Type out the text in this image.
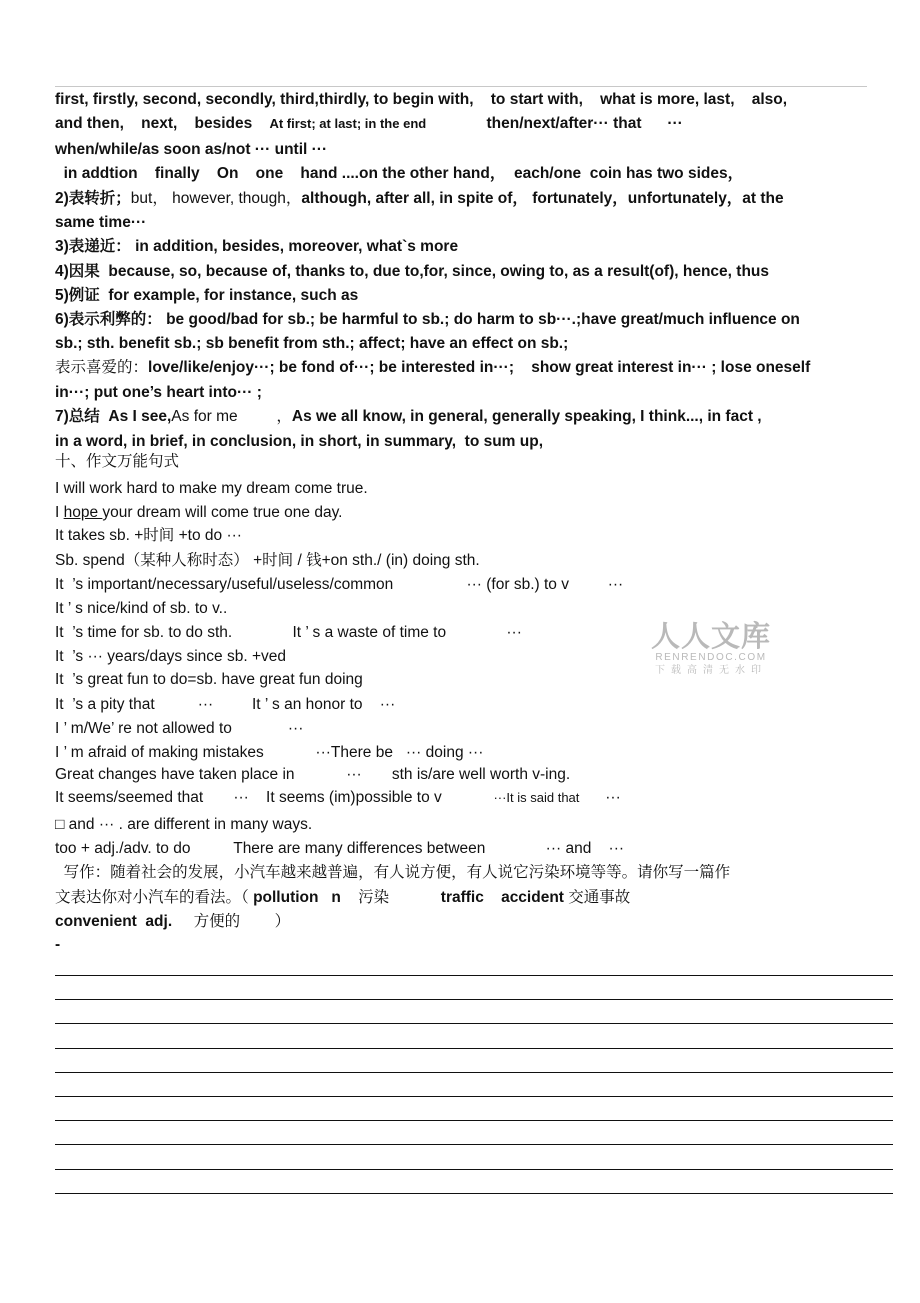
first, firstly, second, secondly, third,thirdly, to begin with,    to start with,    what is more, last,    also,
and then,    next,    besides    At first; at last; in the end              then/next/after··· that      ···
when/while/as soon as/not ··· until ···
in addtion    finally    On    one    hand ....on the other hand，  each/one  coin has two sides，
2)表转折；but， however, though，although, after all, in spite of， fortunately，unfortunately，at the
same time···
3)表递近： in addition, besides, moreover, what`s more
4)因果  because, so, because of, thanks to, due to,for, since, owing to, as a result(of), hence, thus
5)例证  for example, for instance, such as
6)表示利弊的： be good/bad for sb.; be harmful to sb.; do harm to sb···.;have great/much influence on
sb.; sth. benefit sb.; sb benefit from sth.; affect; have an effect on sb.;
表示喜爱的：love/like/enjoy···; be fond of···; be interested in···;    show great interest in··· ; lose oneself
in···; put one’s heart into··· ;
7)总结  As I see,As for me         ，As we all know, in general, generally speaking, I think..., in fact ,
in a word, in brief, in conclusion, in short, in summary,  to sum up,
十、作文万能句式
I will work hard to make my dream come true.
I hope your dream will come true one day.
It takes sb. +时间 +to do ···
Sb. spend（某种人称时态） +时间 / 钱+on sth./ (in) doing sth.
It  ’s important/necessary/useful/useless/common                 ··· (for sb.) to v         ···
It ’ s nice/kind of sb. to v..
It  ’s time for sb. to do sth.              It ’ s a waste of time to              ···
It  ’s ··· years/days since sb. +ved
It  ’s great fun to do=sb. have great fun doing
It  ’s a pity that          ···         It ’ s an honor to    ···
I ’ m/We’ re not allowed to             ···
I ’ m afraid of making mistakes            ···There be   ··· doing ···
Great changes have taken place in            ···       sth is/are well worth v-ing.
It seems/seemed that       ···    It seems (im)possible to v            ···It is said that      ···
□ and ··· . are different in many ways.
too + adj./adv. to do          There are many differences between              ··· and    ···
写作：随着社会的发展，小汽车越来越普遍，有人说方便，有人说它污染环境等等。请你写一篇作
文表达你对小汽车的看法。（ pollution   n    污染            traffic    accident 交通事故
convenient  adj.     方便的        ）
-
人人文库
RENRENDOC.COM
下载高清无水印
